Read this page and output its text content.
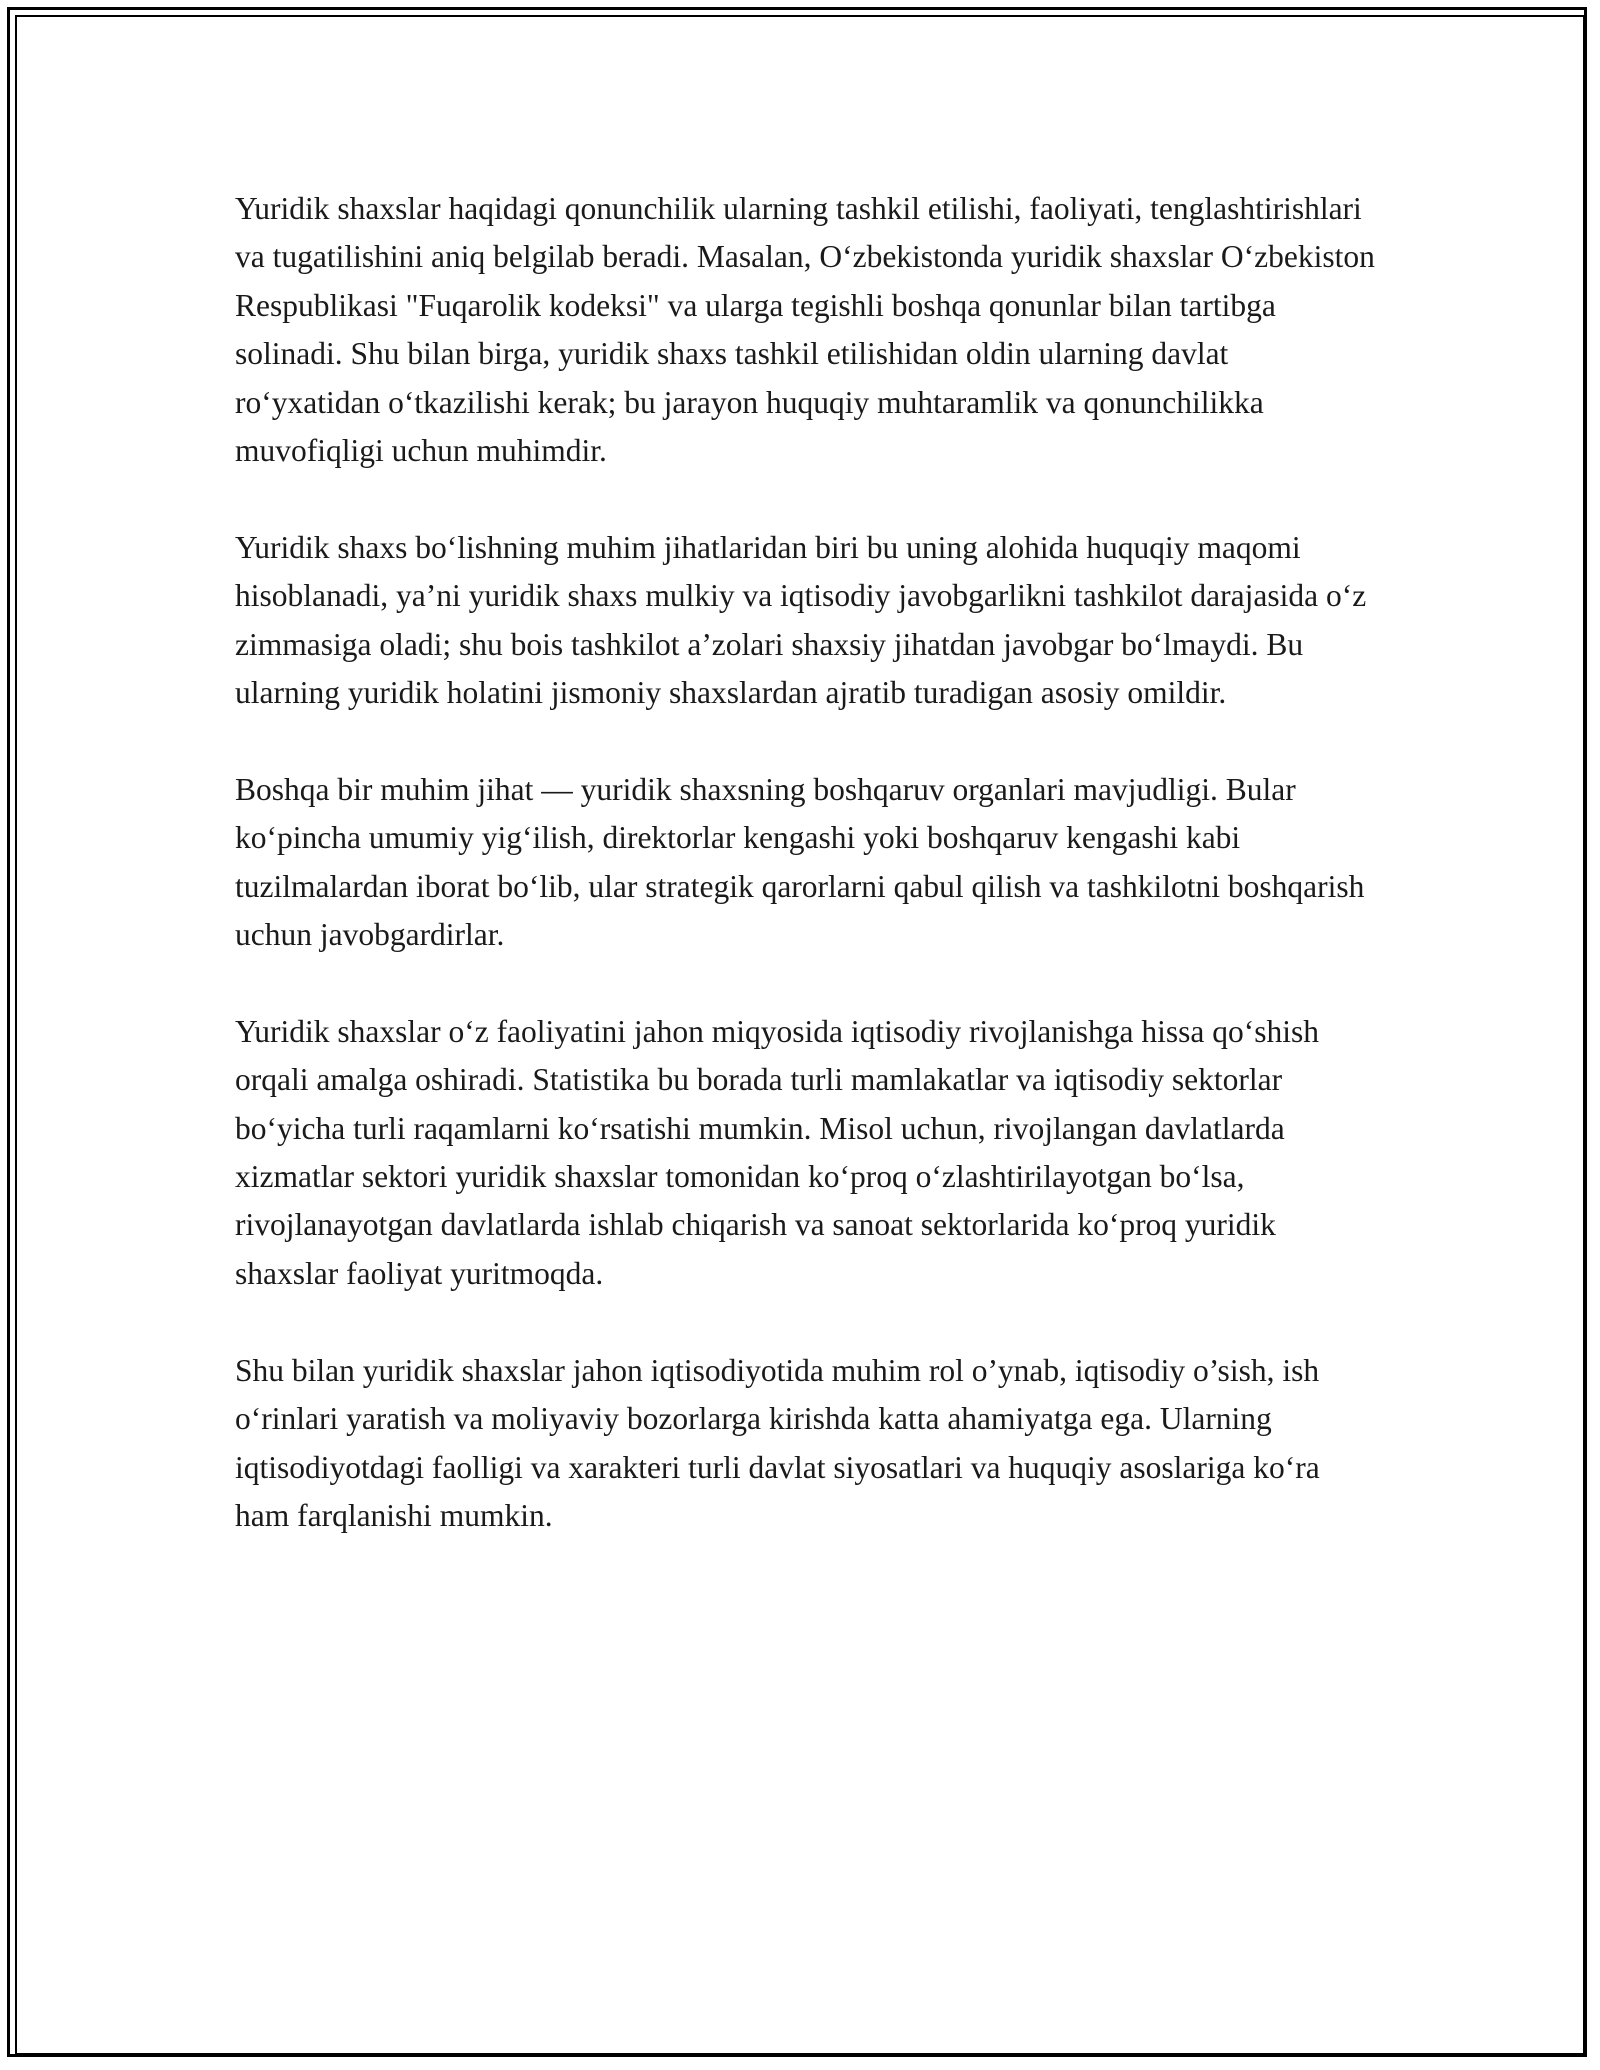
Yuridik shaxslar haqidagi qonunchilik ularning tashkil etilishi, faoliyati, tenglashtirishlari va tugatilishini aniq belgilab beradi. Masalan, O‘zbekistonda yuridik shaxslar O‘zbekiston Respublikasi "Fuqarolik kodeksi" va ularga tegishli boshqa qonunlar bilan tartibga solinadi. Shu bilan birga, yuridik shaxs tashkil etilishidan oldin ularning davlat ro‘yxatidan o‘tkazilishi kerak; bu jarayon huquqiy muhtaramlik va qonunchilikka muvofiqligi uchun muhimdir.

Yuridik shaxs bo‘lishning muhim jihatlaridan biri bu uning alohida huquqiy maqomi hisoblanadi, ya’ni yuridik shaxs mulkiy va iqtisodiy javobgarlikni tashkilot darajasida o‘z zimmasiga oladi; shu bois tashkilot a’zolari shaxsiy jihatdan javobgar bo‘lmaydi. Bu ularning yuridik holatini jismoniy shaxslardan ajratib turadigan asosiy omildir.

Boshqa bir muhim jihat — yuridik shaxsning boshqaruv organlari mavjudligi. Bular ko‘pincha umumiy yig‘ilish, direktorlar kengashi yoki boshqaruv kengashi kabi tuzilmalardan iborat bo‘lib, ular strategik qarorlarni qabul qilish va tashkilotni boshqarish uchun javobgardirlar.

Yuridik shaxslar o‘z faoliyatini jahon miqyosida iqtisodiy rivojlanishga hissa qo‘shish orqali amalga oshiradi. Statistika bu borada turli mamlakatlar va iqtisodiy sektorlar bo‘yicha turli raqamlarni ko‘rsatishi mumkin. Misol uchun, rivojlangan davlatlarda xizmatlar sektori yuridik shaxslar tomonidan ko‘proq o‘zlashtirilayotgan bo‘lsa, rivojlanayotgan davlatlarda ishlab chiqarish va sanoat sektorlarida ko‘proq yuridik shaxslar faoliyat yuritmoqda.

Shu bilan yuridik shaxslar jahon iqtisodiyotida muhim rol o’ynab, iqtisodiy o’sish, ish o‘rinlari yaratish va moliyaviy bozorlarga kirishda katta ahamiyatga ega. Ularning iqtisodiyotdagi faolligi va xarakteri turli davlat siyosatlari va huquqiy asoslariga ko‘ra ham farqlanishi mumkin.
